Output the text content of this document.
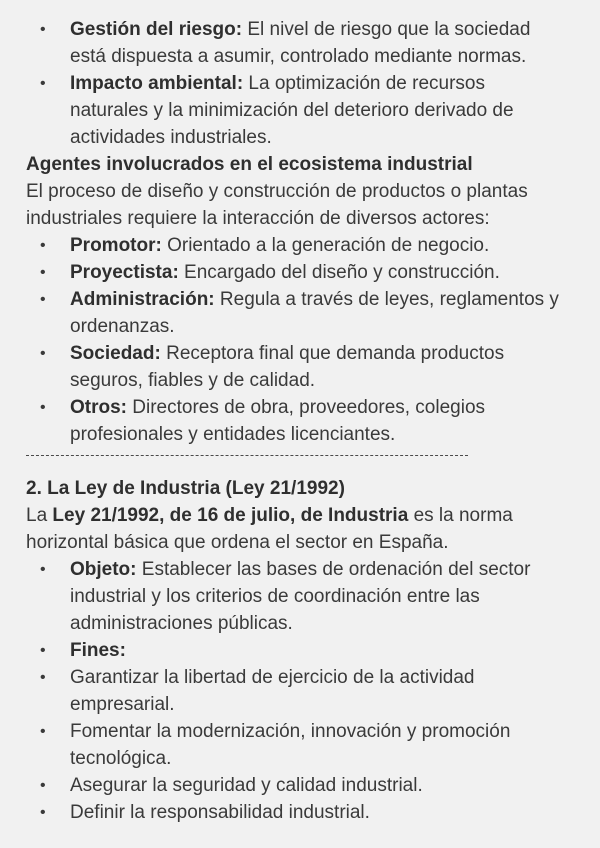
• Gestión del riesgo: El nivel de riesgo que la sociedad está dispuesta a asumir, controlado mediante normas.
• Impacto ambiental: La optimización de recursos naturales y la minimización del deterioro derivado de actividades industriales.

Agentes involucrados en el ecosistema industrial

El proceso de diseño y construcción de productos o plantas industriales requiere la interacción de diversos actores:

• Promotor: Orientado a la generación de negocio.
• Proyectista: Encargado del diseño y construcción.
• Administración: Regula a través de leyes, reglamentos y ordenanzas.
• Sociedad: Receptora final que demanda productos seguros, fiables y de calidad.
• Otros: Directores de obra, proveedores, colegios profesionales y entidades licenciantes.

2. La Ley de Industria (Ley 21/1992)

La Ley 21/1992, de 16 de julio, de Industria es la norma horizontal básica que ordena el sector en España.

• Objeto: Establecer las bases de ordenación del sector industrial y los criterios de coordinación entre las administraciones públicas.
• Fines:
• Garantizar la libertad de ejercicio de la actividad empresarial.
• Fomentar la modernización, innovación y promoción tecnológica.
• Asegurar la seguridad y calidad industrial.
• Definir la responsabilidad industrial.
